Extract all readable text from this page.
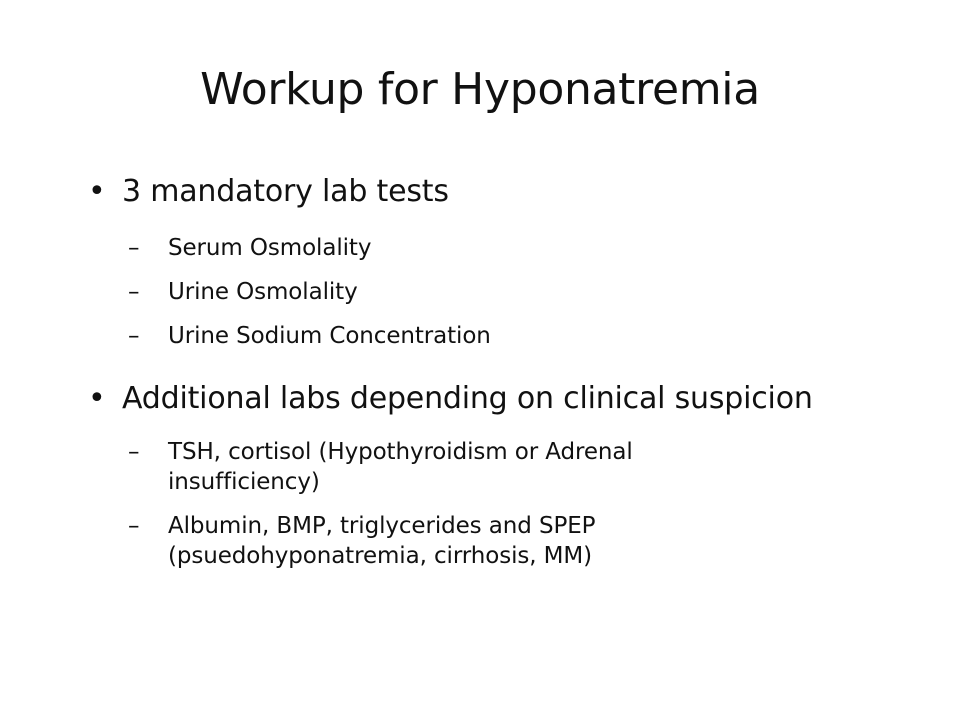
Workup for Hyponatremia
• 3 mandatory lab tests
–	Serum Osmolality
–	Urine Osmolality
–	Urine Sodium Concentration
• Additional labs depending on clinical suspicion
–	TSH, cortisol (Hypothyroidism or Adrenal insufficiency)
–	Albumin, BMP, triglycerides and SPEP (psuedohyponatremia, cirrhosis, MM)
